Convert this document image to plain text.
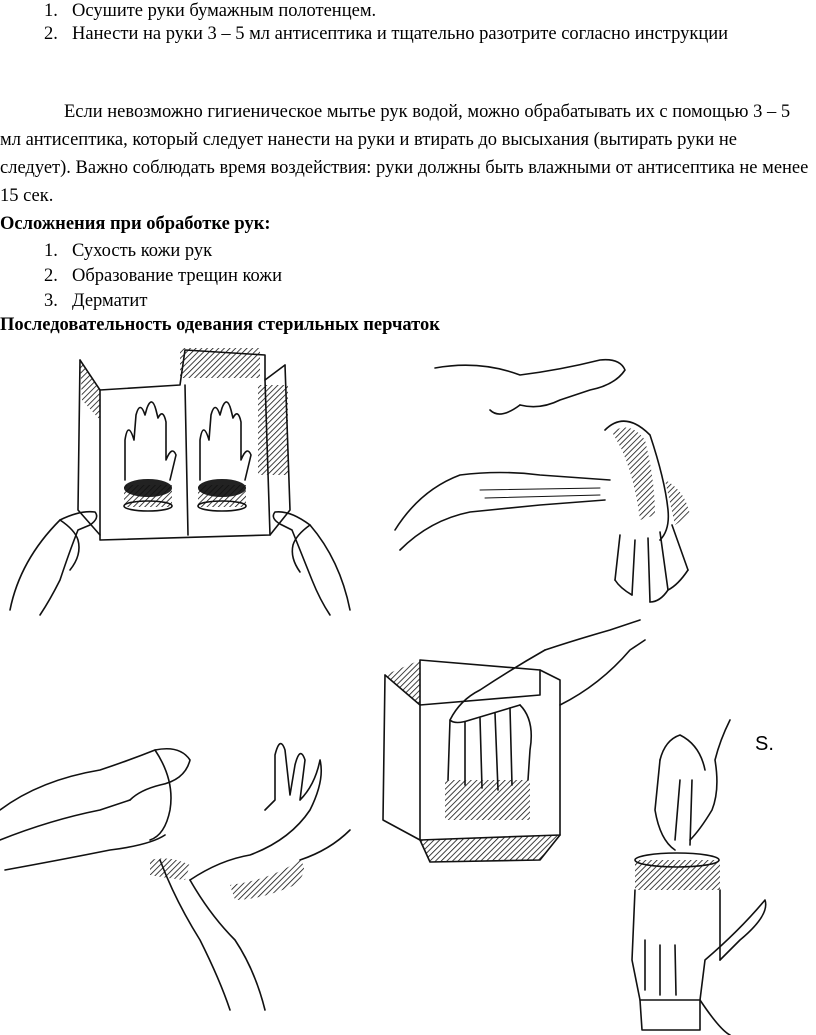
1. Осушите руки бумажным полотенцем.
2. Нанести на руки 3 – 5 мл антисептика и тщательно разотрите согласно инструкции

Если невозможно гигиеническое мытье рук водой, можно обрабатывать их с помощью 3 – 5 мл антисептика, который следует нанести на руки и втирать до высыхания (вытирать руки не следует). Важно соблюдать время воздействия: руки должны быть влажными от антисептика не менее 15 сек.

Осложнения при обработке рук:

1. Сухость кожи рук
2. Образование трещин кожи
3. Дерматит

Последовательность одевания стерильных перчаток

S.
